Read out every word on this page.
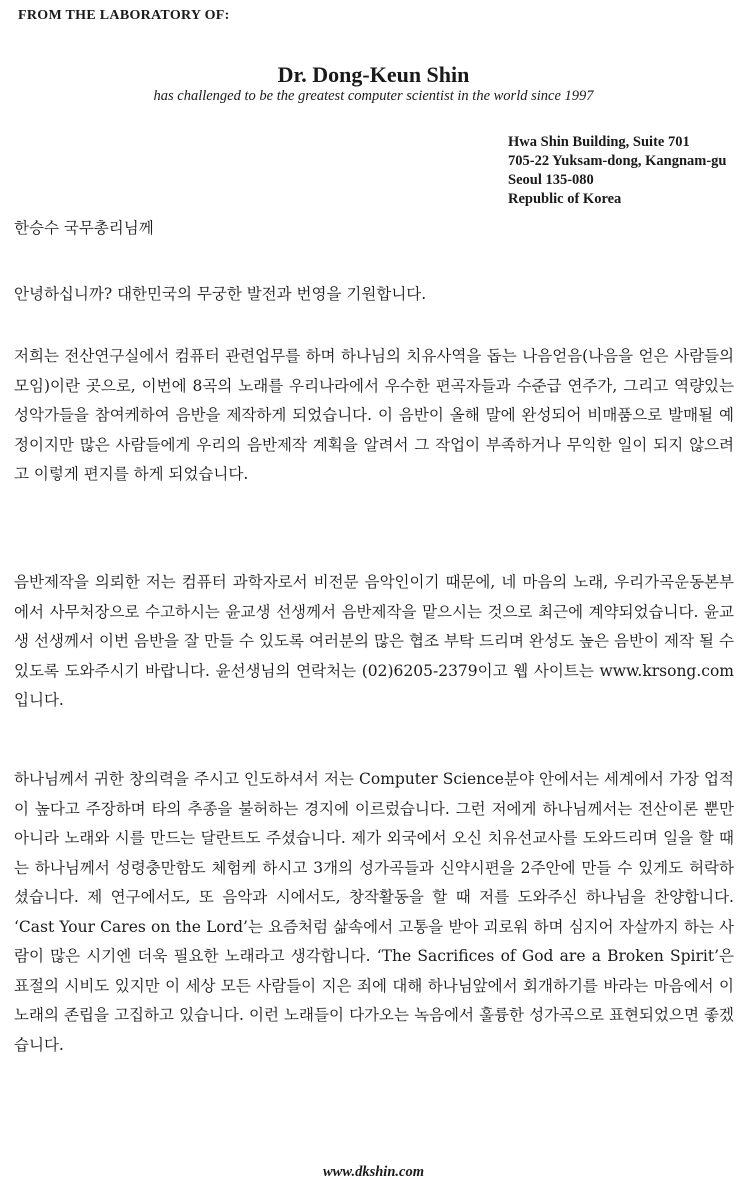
FROM THE LABORATORY OF:
Dr. Dong-Keun Shin
has challenged to be the greatest computer scientist in the world since 1997
Hwa Shin Building, Suite 701
705-22 Yuksam-dong, Kangnam-gu
Seoul 135-080
Republic of Korea
한승수 국무총리님께
안녕하십니까? 대한민국의 무궁한 발전과 번영을 기원합니다.
저희는 전산연구실에서 컴퓨터 관련업무를 하며 하나님의 치유사역을 돕는 나음얻음(나음을 얻은 사람들의 모임)이란 곳으로, 이번에 8곡의 노래를 우리나라에서 우수한 편곡자들과 수준급 연주가, 그리고 역량있는 성악가들을 참여케하여 음반을 제작하게 되었습니다. 이 음반이 올해 말에 완성되어 비매품으로 발매될 예정이지만 많은 사람들에게 우리의 음반제작 계획을 알려서 그 작업이 부족하거나 무익한 일이 되지 않으려고 이렇게 편지를 하게 되었습니다.
음반제작을 의뢰한 저는 컴퓨터 과학자로서 비전문 음악인이기 때문에, 네 마음의 노래, 우리가곡운동본부에서 사무처장으로 수고하시는 윤교생 선생께서 음반제작을 맡으시는 것으로 최근에 계약되었습니다. 윤교생 선생께서 이번 음반을 잘 만들 수 있도록 여러분의 많은 협조 부탁 드리며 완성도 높은 음반이 제작 될 수 있도록 도와주시기 바랍니다. 윤선생님의 연락처는 (02)6205-2379이고 웹 사이트는 www.krsong.com입니다.
하나님께서 귀한 창의력을 주시고 인도하셔서 저는 Computer Science분야 안에서는 세계에서 가장 업적이 높다고 주장하며 타의 추종을 불허하는 경지에 이르렀습니다. 그런 저에게 하나님께서는 전산이론 뿐만 아니라 노래와 시를 만드는 달란트도 주셨습니다. 제가 외국에서 오신 치유선교사를 도와드리며 일을 할 때는 하나님께서 성령충만함도 체험케 하시고 3개의 성가곡들과 신약시편을 2주안에 만들 수 있게도 허락하셨습니다. 제 연구에서도, 또 음악과 시에서도, 창작활동을 할 때 저를 도와주신 하나님을 찬양합니다. ‘Cast Your Cares on the Lord’는 요즘처럼 삶속에서 고통을 받아 괴로워 하며 심지어 자살까지 하는 사람이 많은 시기엔 더욱 필요한 노래라고 생각합니다. ‘The Sacrifices of God are a Broken Spirit’은 표절의 시비도 있지만 이 세상 모든 사람들이 지은 죄에 대해 하나님앞에서 회개하기를 바라는 마음에서 이 노래의 존립을 고집하고 있습니다. 이런 노래들이 다가오는 녹음에서 훌륭한 성가곡으로 표현되었으면 좋겠습니다.
www.dkshin.com
